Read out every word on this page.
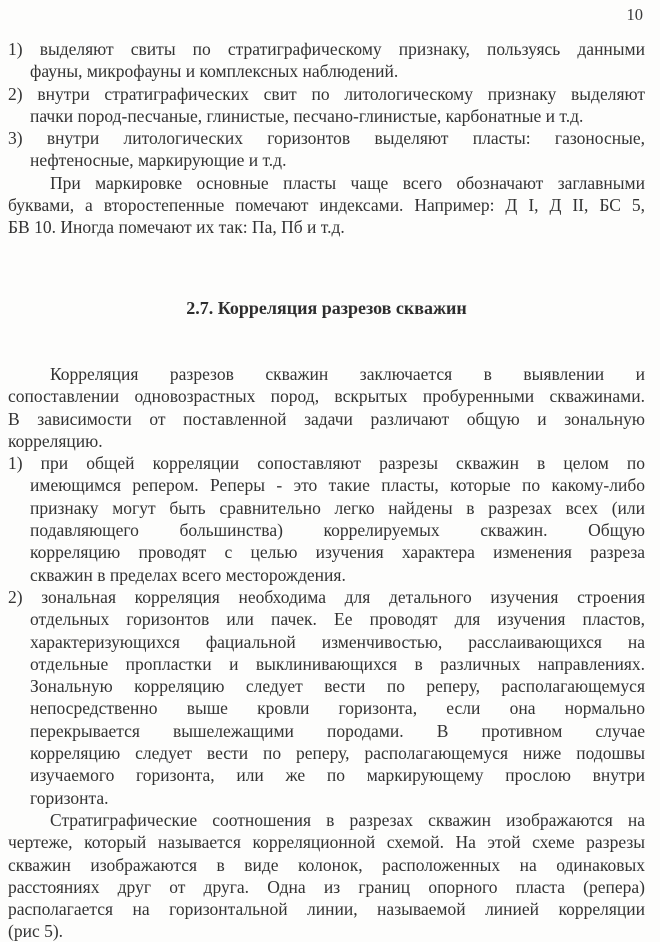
10
1) выделяют свиты по стратиграфическому признаку, пользуясь данными
фауны, микрофауны и комплексных наблюдений.
2) внутри стратиграфических свит по литологическому признаку выделяют
пачки пород-песчаные, глинистые, песчано-глинистые, карбонатные и т.д.
3) внутри литологических горизонтов выделяют пласты: газоносные,
нефтеносные, маркирующие и т.д.
При маркировке основные пласты чаще всего обозначают заглавными
буквами, а второстепенные помечают индексами. Например: Д I, Д II, БС 5,
БВ 10. Иногда помечают их так: Па, Пб и т.д.
2.7. Корреляция разрезов скважин
Корреляция разрезов скважин заключается в выявлении и
сопоставлении одновозрастных пород, вскрытых пробуренными скважинами.
В зависимости от поставленной задачи различают общую и зональную
корреляцию.
1) при общей корреляции сопоставляют разрезы скважин в целом по
имеющимся репером. Реперы - это такие пласты, которые по какому-либо
признаку могут быть сравнительно легко найдены в разрезах всех (или
подавляющего большинства) коррелируемых скважин. Общую
корреляцию проводят с целью изучения характера изменения разреза
скважин в пределах всего месторождения.
2) зональная корреляция необходима для детального изучения строения
отдельных горизонтов или пачек. Ее проводят для изучения пластов,
характеризующихся фациальной изменчивостью, расслаивающихся на
отдельные пропластки и выклинивающихся в различных направлениях.
Зональную корреляцию следует вести по реперу, располагающемуся
непосредственно выше кровли горизонта, если она нормально
перекрывается вышележащими породами. В противном случае
корреляцию следует вести по реперу, располагающемуся ниже подошвы
изучаемого горизонта, или же по маркирующему прослою внутри
горизонта.
Стратиграфические соотношения в разрезах скважин изображаются на
чертеже, который называется корреляционной схемой. На этой схеме разрезы
скважин изображаются в виде колонок, расположенных на одинаковых
расстояниях друг от друга. Одна из границ опорного пласта (репера)
располагается на горизонтальной линии, называемой линией корреляции
(рис 5).
